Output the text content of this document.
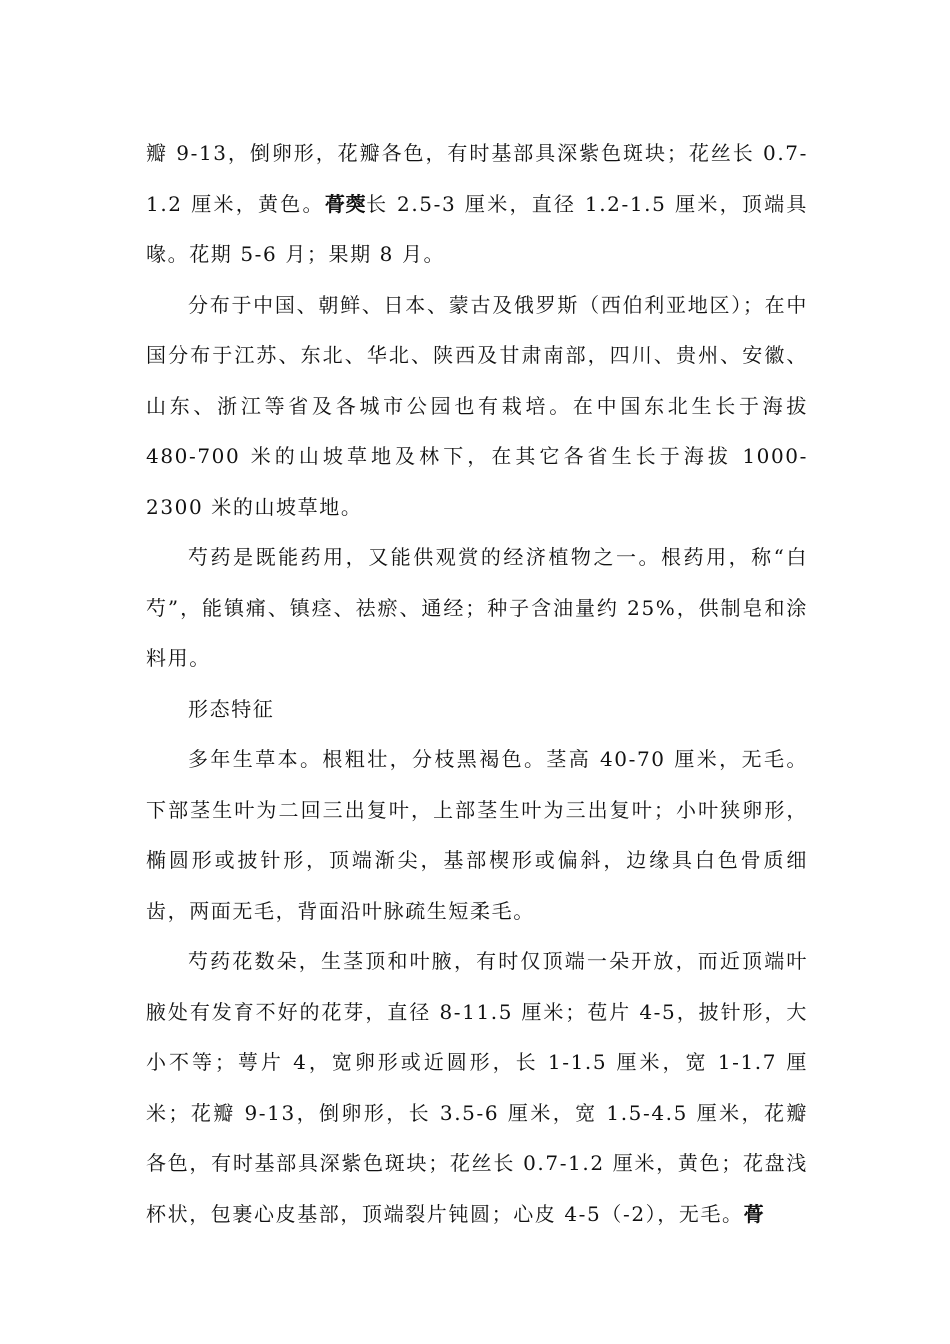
瓣 9-13，倒卵形，花瓣各色，有时基部具深紫色斑块；花丝长 0.7-1.2 厘米，黄色。蓇葖长 2.5-3 厘米，直径 1.2-1.5 厘米，顶端具喙。花期 5-6 月；果期 8 月。

分布于中国、朝鲜、日本、蒙古及俄罗斯（西伯利亚地区）；在中国分布于江苏、东北、华北、陕西及甘肃南部，四川、贵州、安徽、山东、浙江等省及各城市公园也有栽培。在中国东北生长于海拔 480-700 米的山坡草地及林下，在其它各省生长于海拔 1000-2300 米的山坡草地。

芍药是既能药用，又能供观赏的经济植物之一。根药用，称“白芍”，能镇痛、镇痉、祛瘀、通经；种子含油量约 25%，供制皂和涂料用。

形态特征

多年生草本。根粗壮，分枝黑褐色。茎高 40-70 厘米，无毛。下部茎生叶为二回三出复叶，上部茎生叶为三出复叶；小叶狭卵形，椭圆形或披针形，顶端渐尖，基部楔形或偏斜，边缘具白色骨质细齿，两面无毛，背面沿叶脉疏生短柔毛。

芍药花数朵，生茎顶和叶腋，有时仅顶端一朵开放，而近顶端叶腋处有发育不好的花芽，直径 8-11.5 厘米；苞片 4-5，披针形，大小不等；萼片 4，宽卵形或近圆形，长 1-1.5 厘米，宽 1-1.7 厘米；花瓣 9-13，倒卵形，长 3.5-6 厘米，宽 1.5-4.5 厘米，花瓣各色，有时基部具深紫色斑块；花丝长 0.7-1.2 厘米，黄色；花盘浅杯状，包裹心皮基部，顶端裂片钝圆；心皮 4-5（-2），无毛。蓇
